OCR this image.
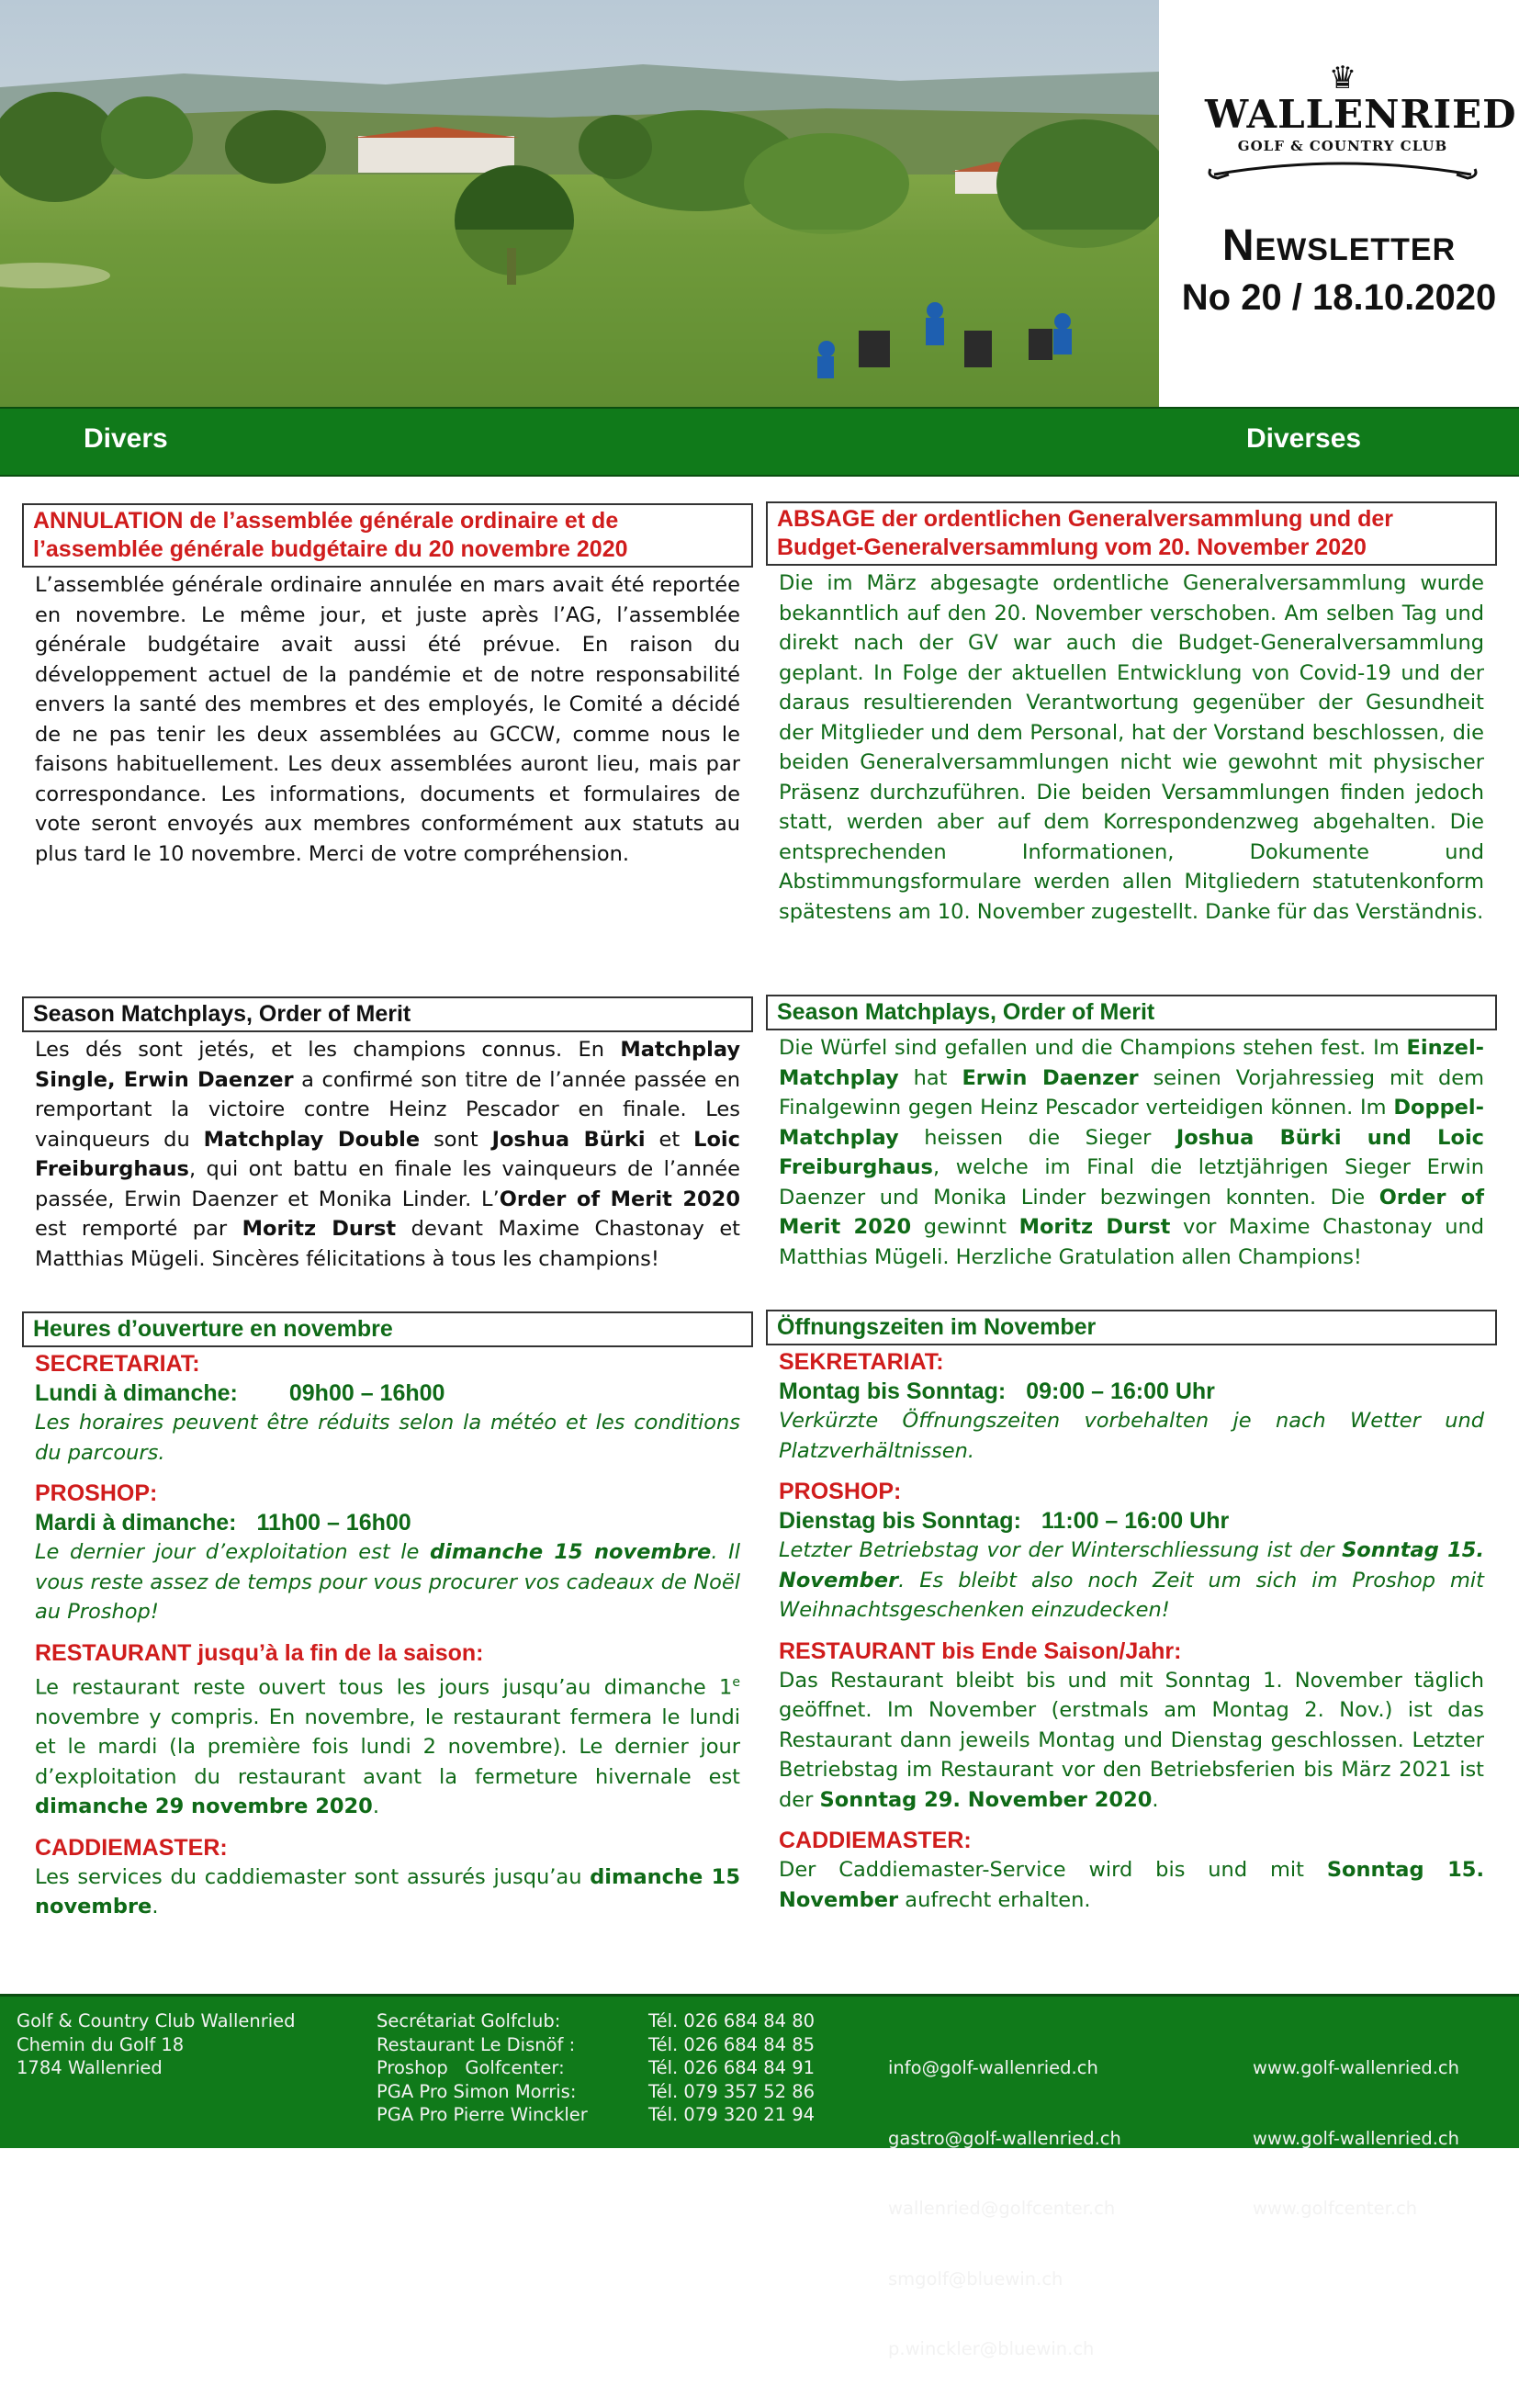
♛
WALLENRIED
GOLF & COUNTRY CLUB
Newsletter
No 20 / 18.10.2020
Divers	Diverses
ANNULATION de l’assemblée générale ordinaire et de l’assemblée générale budgétaire du 20 novembre 2020

L’assemblée générale ordinaire annulée en mars avait été reportée en novembre. Le même jour, et juste après l’AG, l’assemblée générale budgétaire avait aussi été prévue. En raison du développement actuel de la pandémie et de notre responsabilité envers la santé des membres et des employés, le Comité a décidé de ne pas tenir les deux assemblées au GCCW, comme nous le faisons habituellement. Les deux assemblées auront lieu, mais par correspondance. Les informations, documents et formulaires de vote seront envoyés aux membres conformément aux statuts au plus tard le 10 novembre. Merci de votre compréhension.

Season Matchplays, Order of Merit

Les dés sont jetés, et les champions connus. En Matchplay Single, Erwin Daenzer a confirmé son titre de l’année passée en remportant la victoire contre Heinz Pescador en finale. Les vainqueurs du Matchplay Double sont Joshua Bürki et Loic Freiburghaus, qui ont battu en finale les vainqueurs de l’année passée, Erwin Daenzer et Monika Linder. L’Order of Merit 2020 est remporté par Moritz Durst devant Maxime Chastonay et Matthias Mügeli. Sincères félicitations à tous les champions!

Heures d’ouverture en novembre
SECRETARIAT:
Lundi à dimanche: 09h00 – 16h00

Les horaires peuvent être réduits selon la météo et les conditions du parcours.

PROSHOP:
Mardi à dimanche: 11h00 – 16h00

Le dernier jour d’exploitation est le dimanche 15 novembre. Il vous reste assez de temps pour vous procurer vos cadeaux de Noël au Proshop!

RESTAURANT jusqu’à la fin de la saison:

Le restaurant reste ouvert tous les jours jusqu’au dimanche 1e novembre y compris. En novembre, le restaurant fermera le lundi et le mardi (la première fois lundi 2 novembre). Le dernier jour d’exploitation du restaurant avant la fermeture hivernale est dimanche 29 novembre 2020.

CADDIEMASTER:

Les services du caddiemaster sont assurés jusqu’au dimanche 15 novembre.

ABSAGE der ordentlichen Generalversammlung und der Budget-Generalversammlung vom 20. November 2020

Die im März abgesagte ordentliche Generalversammlung wurde bekanntlich auf den 20. November verschoben. Am selben Tag und direkt nach der GV war auch die Budget-Generalversammlung geplant. In Folge der aktuellen Entwicklung von Covid-19 und der daraus resultierenden Verantwortung gegenüber der Gesundheit der Mitglieder und dem Personal, hat der Vorstand beschlossen, die beiden Generalversammlungen nicht wie gewohnt mit physischer Präsenz durchzuführen. Die beiden Versammlungen finden jedoch statt, werden aber auf dem Korrespondenzweg abgehalten. Die entsprechenden Informationen, Dokumente und Abstimmungsformulare werden allen Mitgliedern statutenkonform spätestens am 10. November zugestellt. Danke für das Verständnis.

Season Matchplays, Order of Merit

Die Würfel sind gefallen und die Champions stehen fest. Im Einzel-Matchplay hat Erwin Daenzer seinen Vorjahressieg mit dem Finalgewinn gegen Heinz Pescador verteidigen können. Im Doppel-Matchplay heissen die Sieger Joshua Bürki und Loic Freiburghaus, welche im Final die letztjährigen Sieger Erwin Daenzer und Monika Linder bezwingen konnten. Die Order of Merit 2020 gewinnt Moritz Durst vor Maxime Chastonay und Matthias Mügeli. Herzliche Gratulation allen Champions!

Öffnungszeiten im November
SEKRETARIAT:
Montag bis Sonntag: 09:00 – 16:00 Uhr

Verkürzte Öffnungszeiten vorbehalten je nach Wetter und Platzverhältnissen.

PROSHOP:
Dienstag bis Sonntag: 11:00 – 16:00 Uhr

Letzter Betriebstag vor der Winterschliessung ist der Sonntag 15. November. Es bleibt also noch Zeit um sich im Proshop mit Weihnachtsgeschenken einzudecken!

RESTAURANT bis Ende Saison/Jahr:

Das Restaurant bleibt bis und mit Sonntag 1. November täglich geöffnet. Im November (erstmals am Montag 2. Nov.) ist das Restaurant dann jeweils Montag und Dienstag geschlossen. Letzter Betriebstag im Restaurant vor den Betriebsferien bis März 2021 ist der Sonntag 29. November 2020.

CADDIEMASTER:

Der Caddiemaster-Service wird bis und mit Sonntag 15. November aufrecht erhalten.

Golf & Country Club Wallenried
Chemin du Golf 18
1784 Wallenried
Secrétariat Golfclub:
Restaurant Le Disnöf :
Proshop   Golfcenter:
PGA Pro Simon Morris:
PGA Pro Pierre Winckler
Tél. 026 684 84 80
Tél. 026 684 84 85
Tél. 026 684 84 91
Tél. 079 357 52 86
Tél. 079 320 21 94

info@golf-wallenried.ch

gastro@golf-wallenried.ch

wallenried@golfcenter.ch

smgolf@bluewin.ch

p.winckler@bluewin.ch

www.golf-wallenried.ch

www.golf-wallenried.ch

www.golfcenter.ch
